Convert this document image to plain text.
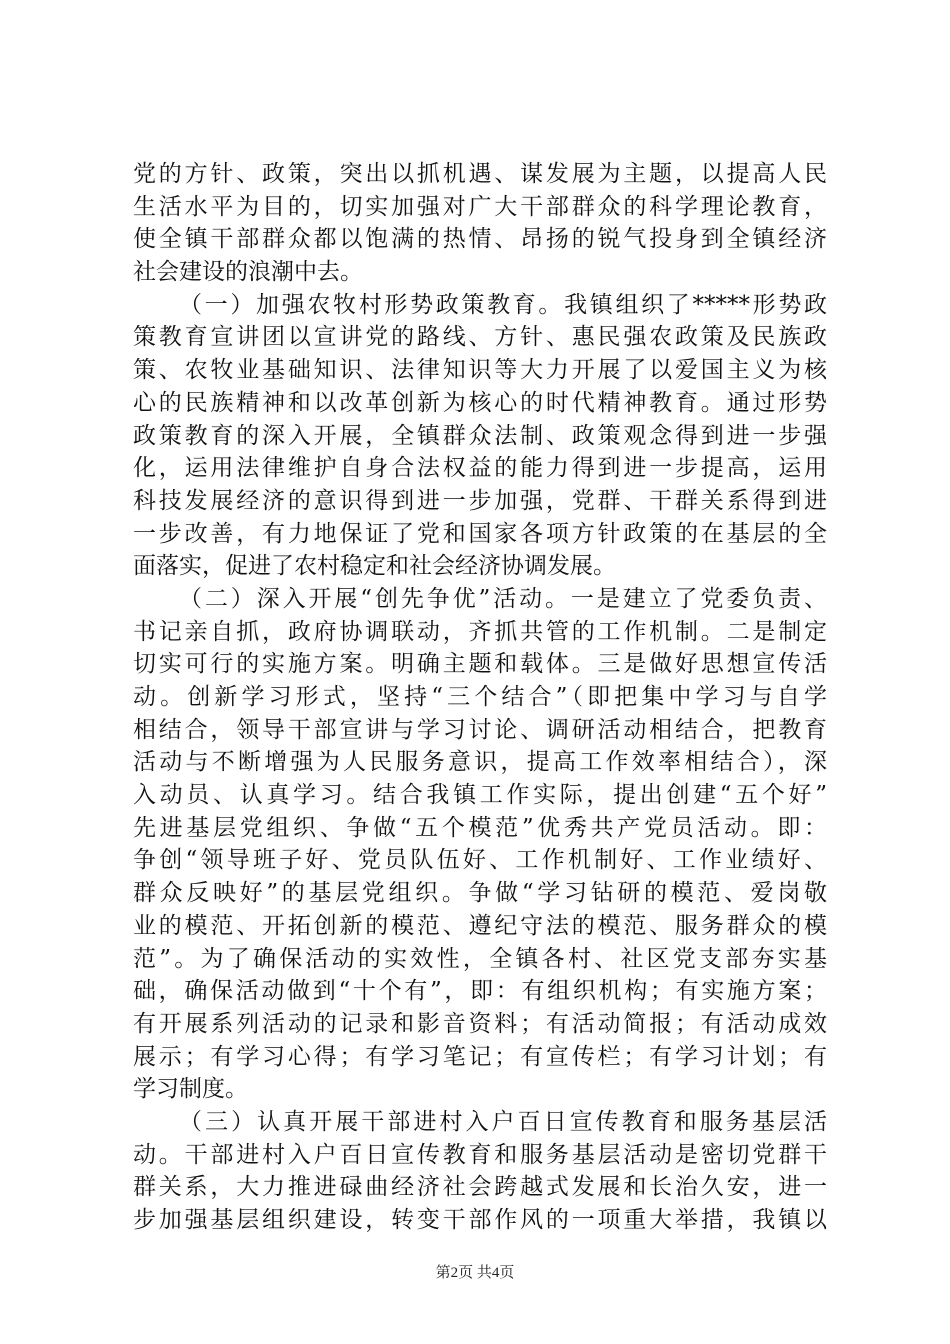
党的方针、政策，突出以抓机遇、谋发展为主题，以提高人民
生活水平为目的，切实加强对广大干部群众的科学理论教育，
使全镇干部群众都以饱满的热情、昂扬的锐气投身到全镇经济
社会建设的浪潮中去。
（一）加强农牧村形势政策教育。我镇组织了*****形势政
策教育宣讲团以宣讲党的路线、方针、惠民强农政策及民族政
策、农牧业基础知识、法律知识等大力开展了以爱国主义为核
心的民族精神和以改革创新为核心的时代精神教育。通过形势
政策教育的深入开展，全镇群众法制、政策观念得到进一步强
化，运用法律维护自身合法权益的能力得到进一步提高，运用
科技发展经济的意识得到进一步加强，党群、干群关系得到进
一步改善，有力地保证了党和国家各项方针政策的在基层的全
面落实，促进了农村稳定和社会经济协调发展。
（二）深入开展“创先争优”活动。一是建立了党委负责、
书记亲自抓，政府协调联动，齐抓共管的工作机制。二是制定
切实可行的实施方案。明确主题和载体。三是做好思想宣传活
动。创新学习形式，坚持“三个结合”（即把集中学习与自学
相结合，领导干部宣讲与学习讨论、调研活动相结合，把教育
活动与不断增强为人民服务意识，提高工作效率相结合），深
入动员、认真学习。结合我镇工作实际，提出创建“五个好”
先进基层党组织、争做“五个模范”优秀共产党员活动。即：
争创“领导班子好、党员队伍好、工作机制好、工作业绩好、
群众反映好”的基层党组织。争做“学习钻研的模范、爱岗敬
业的模范、开拓创新的模范、遵纪守法的模范、服务群众的模
范”。为了确保活动的实效性，全镇各村、社区党支部夯实基
础，确保活动做到“十个有”，即：有组织机构；有实施方案；
有开展系列活动的记录和影音资料；有活动简报；有活动成效
展示；有学习心得；有学习笔记；有宣传栏；有学习计划；有
学习制度。
（三）认真开展干部进村入户百日宣传教育和服务基层活
动。干部进村入户百日宣传教育和服务基层活动是密切党群干
群关系，大力推进碌曲经济社会跨越式发展和长治久安，进一
步加强基层组织建设，转变干部作风的一项重大举措，我镇以
第2页 共4页
